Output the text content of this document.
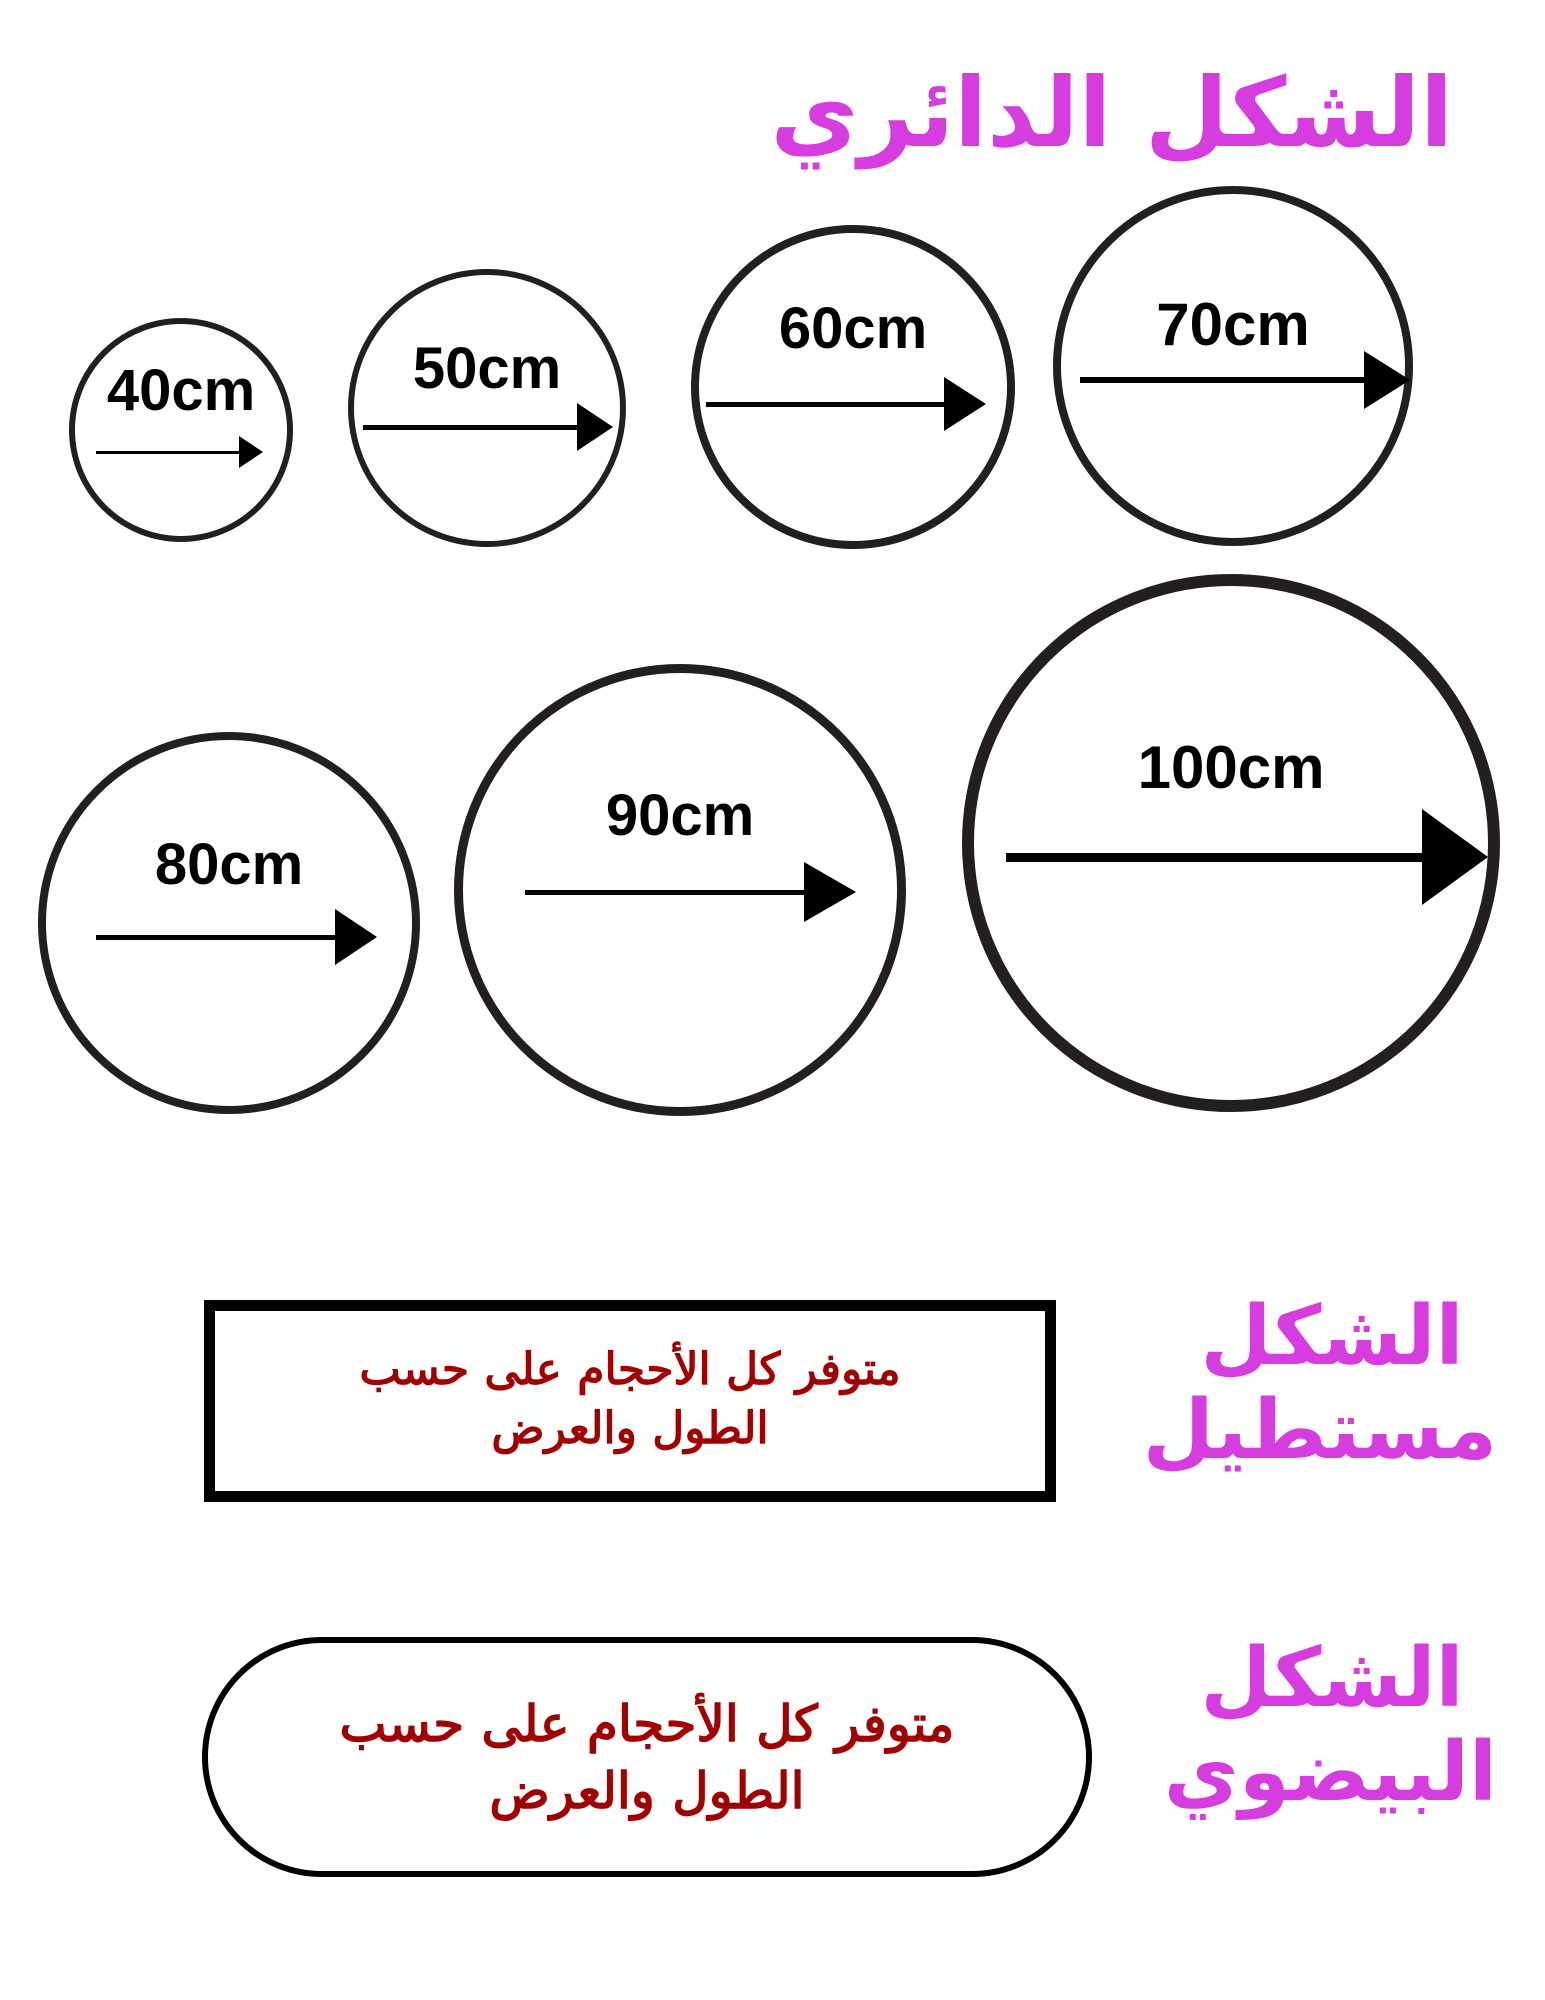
الشكل الدائري
الشكل
مستطيل
الشكل
البيضوي
40cm	50cm
60cm	70cm
80cm
90cm
100cm
متوفر كل الأحجام على حسب
الطول والعرض
متوفر كل الأحجام على حسب
الطول والعرض
